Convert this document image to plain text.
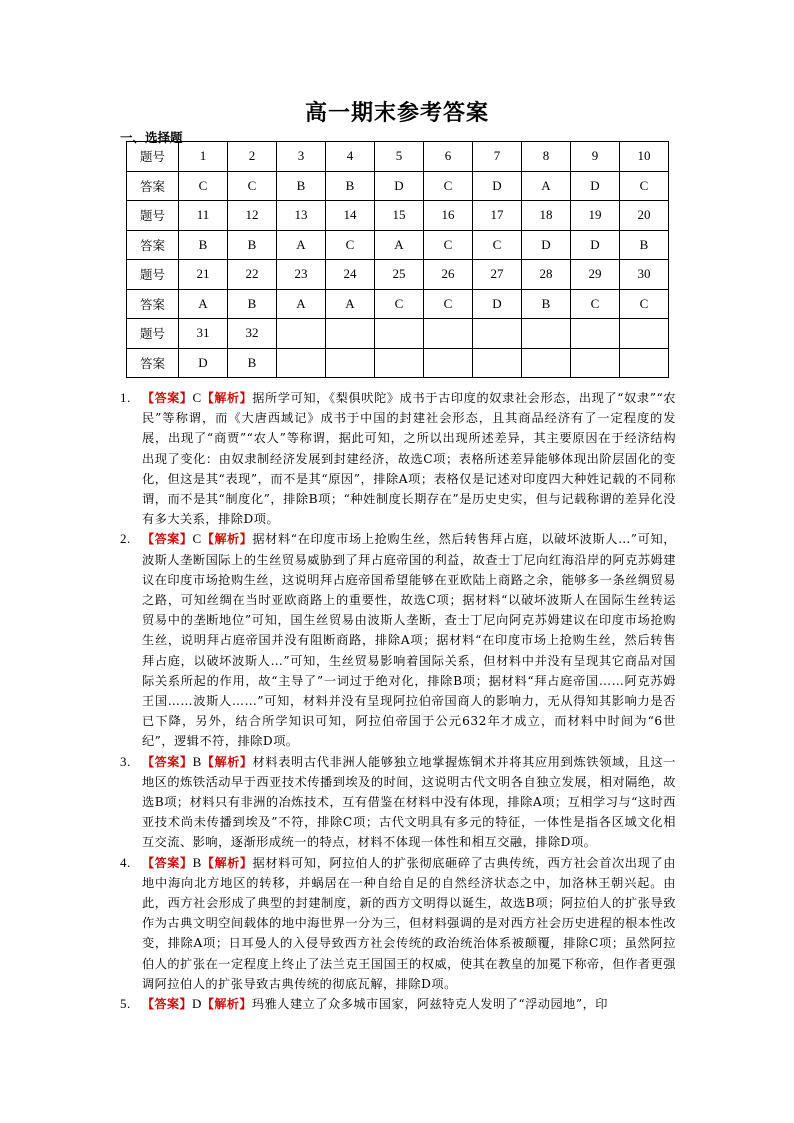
高一期末参考答案
一、选择题
题号	1	2	3	4	5	6	7	8	9	10
答案	C	C	B	B	D	C	D	A	D	C
题号	11	12	13	14	15	16	17	18	19	20
答案	B	B	A	C	A	C	C	D	D	B
题号	21	22	23	24	25	26	27	28	29	30
答案	A	B	A	A	C	C	D	B	C	C
题号	31	32								
答案	D	B								
1. 【答案】C【解析】据所学可知，《梨俱吠陀》成书于古印度的奴隶社会形态，出现了“奴隶”“农民”等称谓，而《大唐西域记》成书于中国的封建社会形态，且其商品经济有了一定程度的发展，出现了“商贾”“农人”等称谓，据此可知，之所以出现所述差异，其主要原因在于经济结构出现了变化：由奴隶制经济发展到封建经济，故选C项；表格所述差异能够体现出阶层固化的变化，但这是其“表现”，而不是其“原因”，排除A项；表格仅是记述对印度四大种姓记载的不同称谓，而不是其“制度化”，排除B项；“种姓制度长期存在”是历史史实，但与记载称谓的差异化没有多大关系，排除D项。
2. 【答案】C【解析】据材料“在印度市场上抢购生丝，然后转售拜占庭，以破坏波斯人…”可知，波斯人垄断国际上的生丝贸易威胁到了拜占庭帝国的利益，故查士丁尼向红海沿岸的阿克苏姆建议在印度市场抢购生丝，这说明拜占庭帝国希望能够在亚欧陆上商路之余，能够多一条丝绸贸易之路，可知丝绸在当时亚欧商路上的重要性，故选C项；据材料“以破坏波斯人在国际生丝转运贸易中的垄断地位”可知，国生丝贸易由波斯人垄断，查士丁尼向阿克苏姆建议在印度市场抢购生丝，说明拜占庭帝国并没有阻断商路，排除A项；据材料“在印度市场上抢购生丝，然后转售拜占庭，以破坏波斯人…”可知，生丝贸易影响着国际关系，但材料中并没有呈现其它商品对国际关系所起的作用，故“主导了”一词过于绝对化，排除B项；据材料“拜占庭帝国……阿克苏姆王国……波斯人……”可知，材料并没有呈现阿拉伯帝国商人的影响力，无从得知其影响力是否已下降，另外，结合所学知识可知，阿拉伯帝国于公元632年才成立，而材料中时间为“6世纪”，逻辑不符，排除D项。
3. 【答案】B【解析】材料表明古代非洲人能够独立地掌握炼铜术并将其应用到炼铁领域，且这一地区的炼铁活动早于西亚技术传播到埃及的时间，这说明古代文明各自独立发展，相对隔绝，故选B项；材料只有非洲的冶炼技术，互有借鉴在材料中没有体现，排除A项；互相学习与“这时西亚技术尚未传播到埃及”不符，排除C项；古代文明具有多元的特征，一体性是指各区域文化相互交流、影响，逐渐形成统一的特点，材料不体现一体性和相互交融，排除D项。
4. 【答案】B【解析】据材料可知，阿拉伯人的扩张彻底砸碎了古典传统，西方社会首次出现了由地中海向北方地区的转移，并蜗居在一种自给自足的自然经济状态之中，加洛林王朝兴起。由此，西方社会形成了典型的封建制度，新的西方文明得以诞生，故选B项；阿拉伯人的扩张导致作为古典文明空间载体的地中海世界一分为三，但材料强调的是对西方社会历史进程的根本性改变，排除A项；日耳曼人的入侵导致西方社会传统的政治统治体系被颠覆，排除C项；虽然阿拉伯人的扩张在一定程度上终止了法兰克王国国王的权威，使其在教皇的加冕下称帝，但作者更强调阿拉伯人的扩张导致古典传统的彻底瓦解，排除D项。
5. 【答案】D【解析】玛雅人建立了众多城市国家，阿兹特克人发明了“浮动园地”，印
